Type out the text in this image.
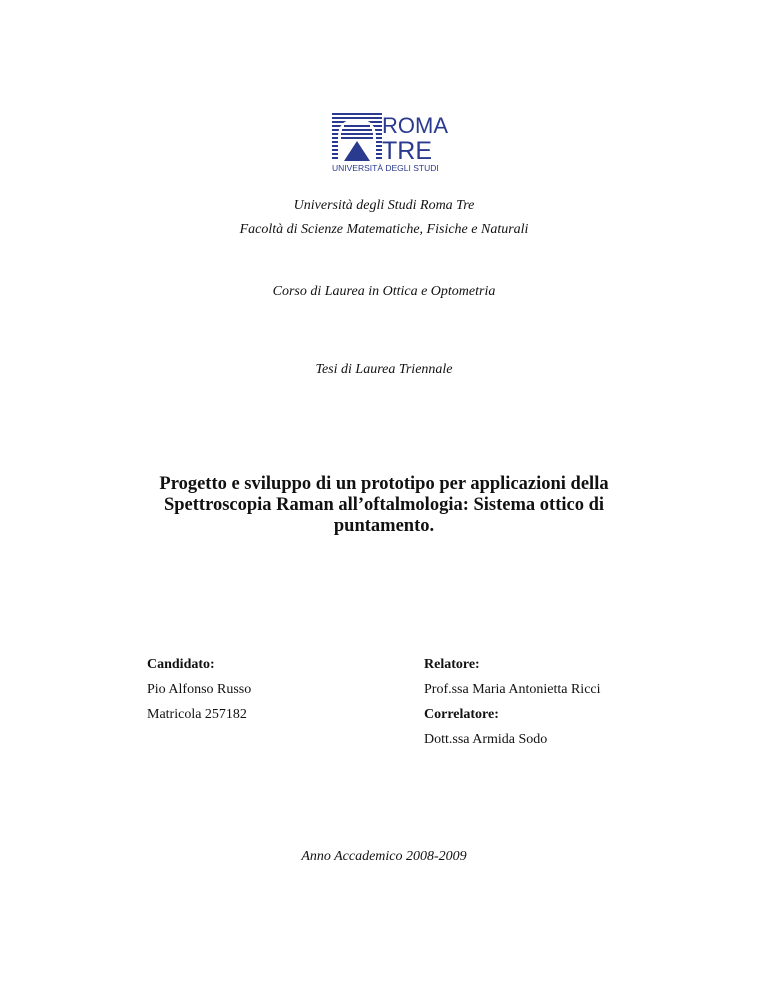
ROMA
TRE
UNIVERSITÀ DEGLI STUDI
Università degli Studi Roma Tre
Facoltà di Scienze Matematiche, Fisiche e Naturali
Corso di Laurea in Ottica e Optometria
Tesi di Laurea Triennale
Progetto e sviluppo di un prototipo per applicazioni della
Spettroscopia Raman all’oftalmologia: Sistema ottico di
puntamento.
Candidato:
Pio Alfonso Russo
Matricola 257182
Relatore:
Prof.ssa Maria Antonietta Ricci
Correlatore:
Dott.ssa Armida Sodo
Anno Accademico 2008-2009
